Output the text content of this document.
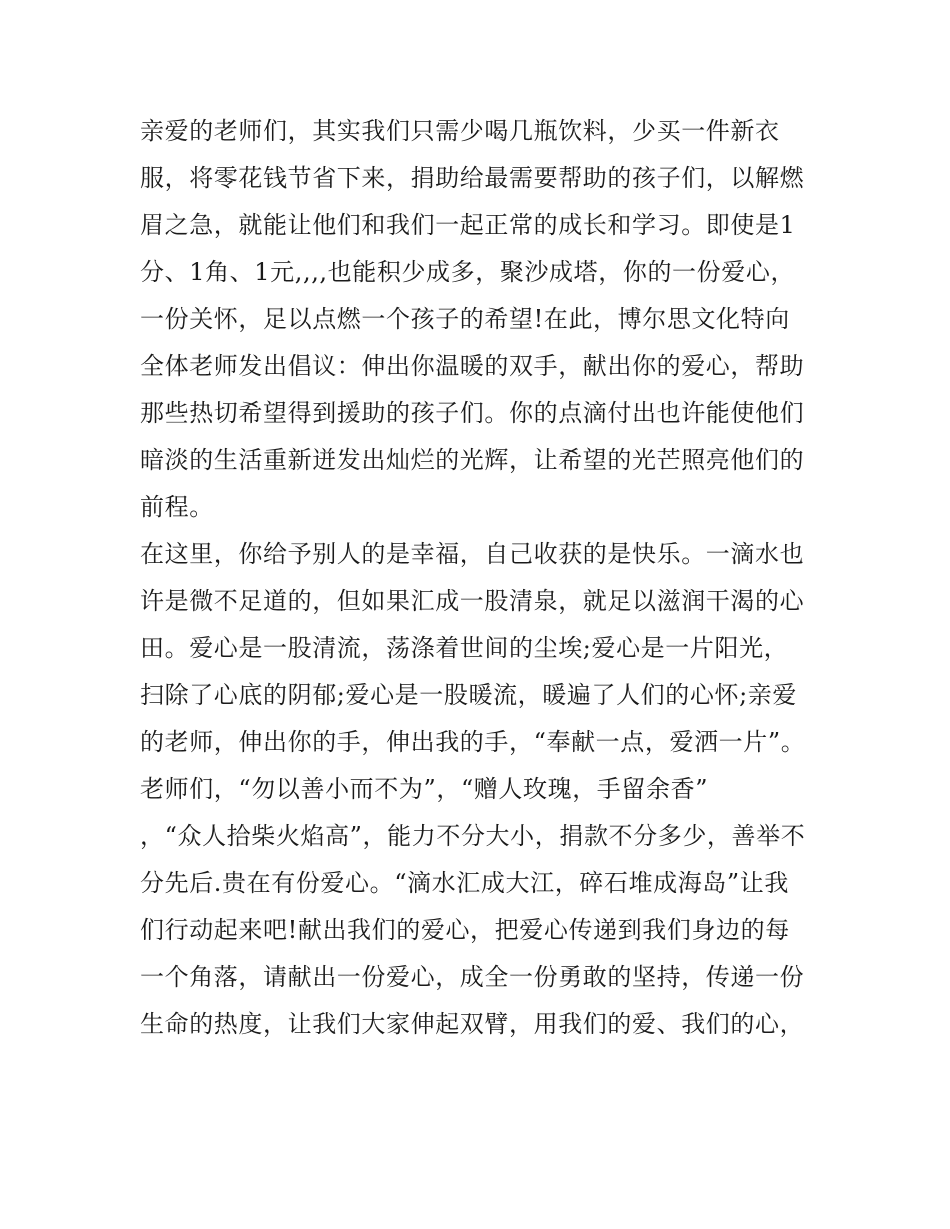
亲爱的老师们，其实我们只需少喝几瓶饮料，少买一件新衣
服，将零花钱节省下来，捐助给最需要帮助的孩子们，以解燃
眉之急，就能让他们和我们一起正常的成长和学习。即使是1
分、1角、1元,,,,也能积少成多，聚沙成塔，你的一份爱心，
一份关怀，足以点燃一个孩子的希望!在此，博尔思文化特向
全体老师发出倡议：伸出你温暖的双手，献出你的爱心，帮助
那些热切希望得到援助的孩子们。你的点滴付出也许能使他们
暗淡的生活重新迸发出灿烂的光辉，让希望的光芒照亮他们的
前程。
在这里，你给予别人的是幸福，自己收获的是快乐。一滴水也
许是微不足道的，但如果汇成一股清泉，就足以滋润干渴的心
田。爱心是一股清流，荡涤着世间的尘埃;爱心是一片阳光，
扫除了心底的阴郁;爱心是一股暖流，暖遍了人们的心怀;亲爱
的老师，伸出你的手，伸出我的手，“奉献一点，爱洒一片”。
老师们，“勿以善小而不为”，“赠人玫瑰，手留余香”
，“众人拾柴火焰高”，能力不分大小，捐款不分多少，善举不
分先后.贵在有份爱心。“滴水汇成大江，碎石堆成海岛”让我
们行动起来吧!献出我们的爱心，把爱心传递到我们身边的每
一个角落，请献出一份爱心，成全一份勇敢的坚持，传递一份
生命的热度，让我们大家伸起双臂，用我们的爱、我们的心，
